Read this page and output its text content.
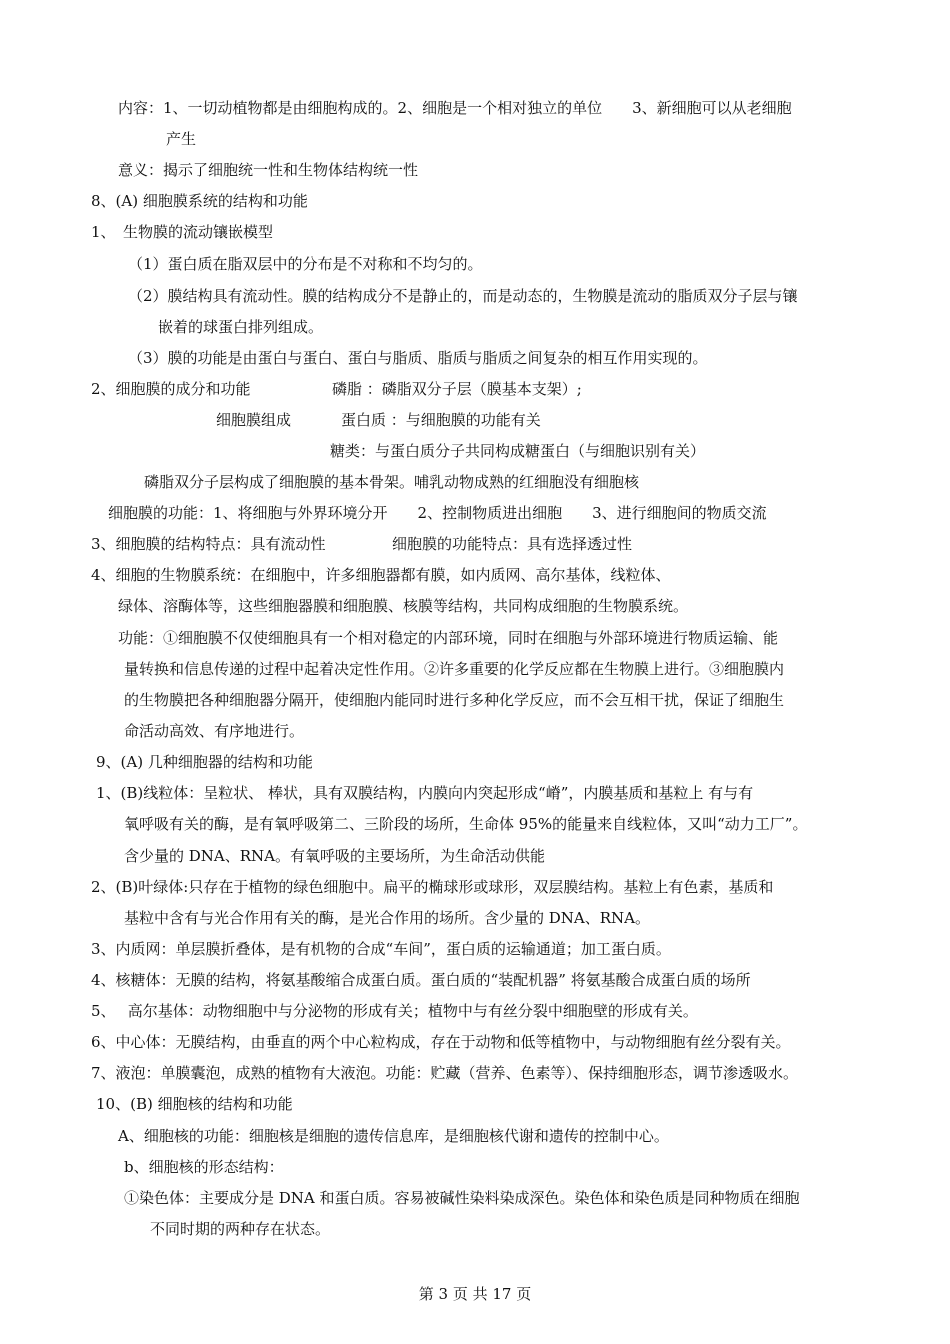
内容：1、一切动植物都是由细胞构成的。2、细胞是一个相对独立的单位　　3、新细胞可以从老细胞
产生
意义：揭示了细胞统一性和生物体结构统一性
8、(A) 细胞膜系统的结构和功能
1、　生物膜的流动镶嵌模型
（1）蛋白质在脂双层中的分布是不对称和不均匀的。
（2）膜结构具有流动性。膜的结构成分不是静止的，而是动态的，生物膜是流动的脂质双分子层与镶
嵌着的球蛋白排列组成。
（3）膜的功能是由蛋白与蛋白、蛋白与脂质、脂质与脂质之间复杂的相互作用实现的。
2、细胞膜的成分和功能	磷脂 ：磷脂双分子层（膜基本支架）;
细胞膜组成	蛋白质 ：与细胞膜的功能有关
糖类：与蛋白质分子共同构成糖蛋白（与细胞识别有关）
磷脂双分子层构成了细胞膜的基本骨架。哺乳动物成熟的红细胞没有细胞核
细胞膜的功能：1、将细胞与外界环境分开　　2、控制物质进出细胞　　3、进行细胞间的物质交流
3、细胞膜的结构特点：具有流动性	细胞膜的功能特点：具有选择透过性
4、细胞的生物膜系统：在细胞中，许多细胞器都有膜，如内质网、高尔基体，线粒体、
绿体、溶酶体等，这些细胞器膜和细胞膜、核膜等结构，共同构成细胞的生物膜系统。
功能：①细胞膜不仅使细胞具有一个相对稳定的内部环境，同时在细胞与外部环境进行物质运输、能
量转换和信息传递的过程中起着决定性作用。②许多重要的化学反应都在生物膜上进行。③细胞膜内
的生物膜把各种细胞器分隔开，使细胞内能同时进行多种化学反应，而不会互相干扰，保证了细胞生
命活动高效、有序地进行。
9、(A) 几种细胞器的结构和功能
1、(B)线粒体：呈粒状、 棒状，具有双膜结构，内膜向内突起形成“嵴”，内膜基质和基粒上 有与有
氧呼吸有关的酶，是有氧呼吸第二、三阶段的场所，生命体 95%的能量来自线粒体，又叫“动力工厂”。
含少量的 DNA、RNA。有氧呼吸的主要场所，为生命活动供能
2、(B)叶绿体:只存在于植物的绿色细胞中。扁平的椭球形或球形，双层膜结构。基粒上有色素，基质和
基粒中含有与光合作用有关的酶，是光合作用的场所。含少量的 DNA、RNA。
3、内质网：单层膜折叠体，是有机物的合成“车间”，蛋白质的运输通道；加工蛋白质。
4、核糖体：无膜的结构，将氨基酸缩合成蛋白质。蛋白质的“装配机器” 将氨基酸合成蛋白质的场所
5、　 高尔基体：动物细胞中与分泌物的形成有关；植物中与有丝分裂中细胞壁的形成有关。
6、中心体：无膜结构，由垂直的两个中心粒构成，存在于动物和低等植物中，与动物细胞有丝分裂有关。
7、液泡：单膜囊泡，成熟的植物有大液泡。功能：贮藏（营养、色素等）、保持细胞形态，调节渗透吸水。
10、(B) 细胞核的结构和功能
A、细胞核的功能：细胞核是细胞的遗传信息库，是细胞核代谢和遗传的控制中心。
b、细胞核的形态结构：
①染色体：主要成分是 DNA 和蛋白质。容易被碱性染料染成深色。染色体和染色质是同种物质在细胞
不同时期的两种存在状态。
第 3 页 共 17 页
